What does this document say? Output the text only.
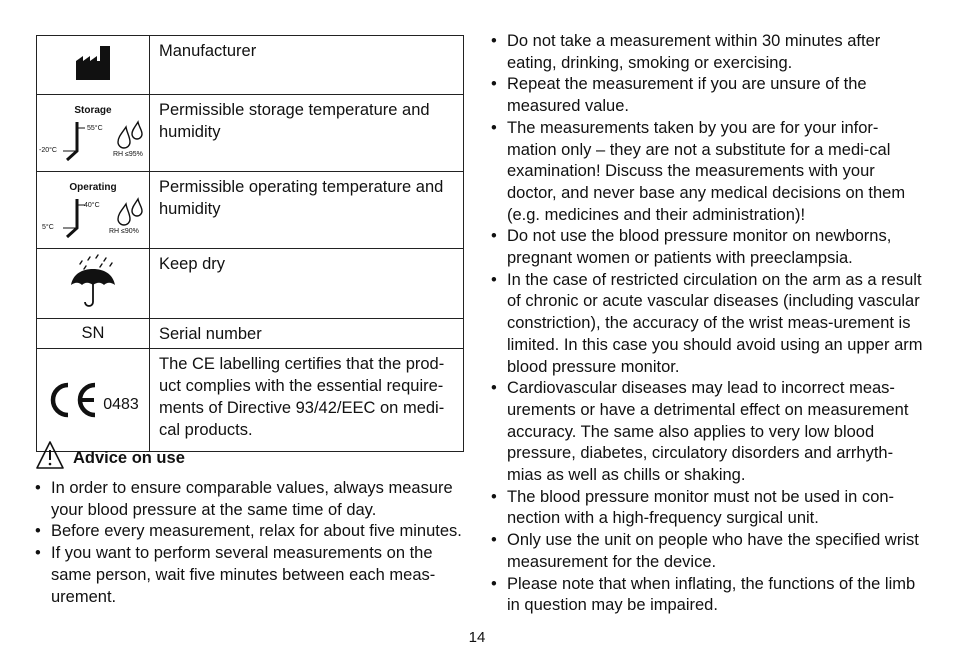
	Manufacturer

Storage
55°C
-20°C
RH ≤95%	Permissible storage temperature and humidity

Operating
40°C
5°C
RH ≤90%	Permissible operating temperature and humidity
	Keep dry
SN	Serial number

0483	The CE labelling certifies that the prod-uct complies with the essential require-ments of Directive 93/42/EEC on medi-cal products.
Advice on use
• In order to ensure comparable values, always measure your blood pressure at the same time of day.
• Before every measurement, relax for about five minutes.
• If you want to perform several measurements on the same person, wait five minutes between each meas-urement.
• Do not take a measurement within 30 minutes after eating, drinking, smoking or exercising.
• Repeat the measurement if you are unsure of the measured value.
• The measurements taken by you are for your infor-mation only – they are not a substitute for a medi-cal examination! Discuss the measurements with your doctor, and never base any medical decisions on them (e.g. medicines and their administration)!
• Do not use the blood pressure monitor on newborns, pregnant women or patients with preeclampsia.
• In the case of restricted circulation on the arm as a result of chronic or acute vascular diseases (including vascular constriction), the accuracy of the wrist meas-urement is limited. In this case you should avoid using an upper arm blood pressure monitor.
• Cardiovascular diseases may lead to incorrect meas-urements or have a detrimental effect on measurement accuracy. The same also applies to very low blood pressure, diabetes, circulatory disorders and arrhyth-mias as well as chills or shaking.
• The blood pressure monitor must not be used in con-nection with a high-frequency surgical unit.
• Only use the unit on people who have the specified wrist measurement for the device.
• Please note that when inflating, the functions of the limb in question may be impaired.
14
